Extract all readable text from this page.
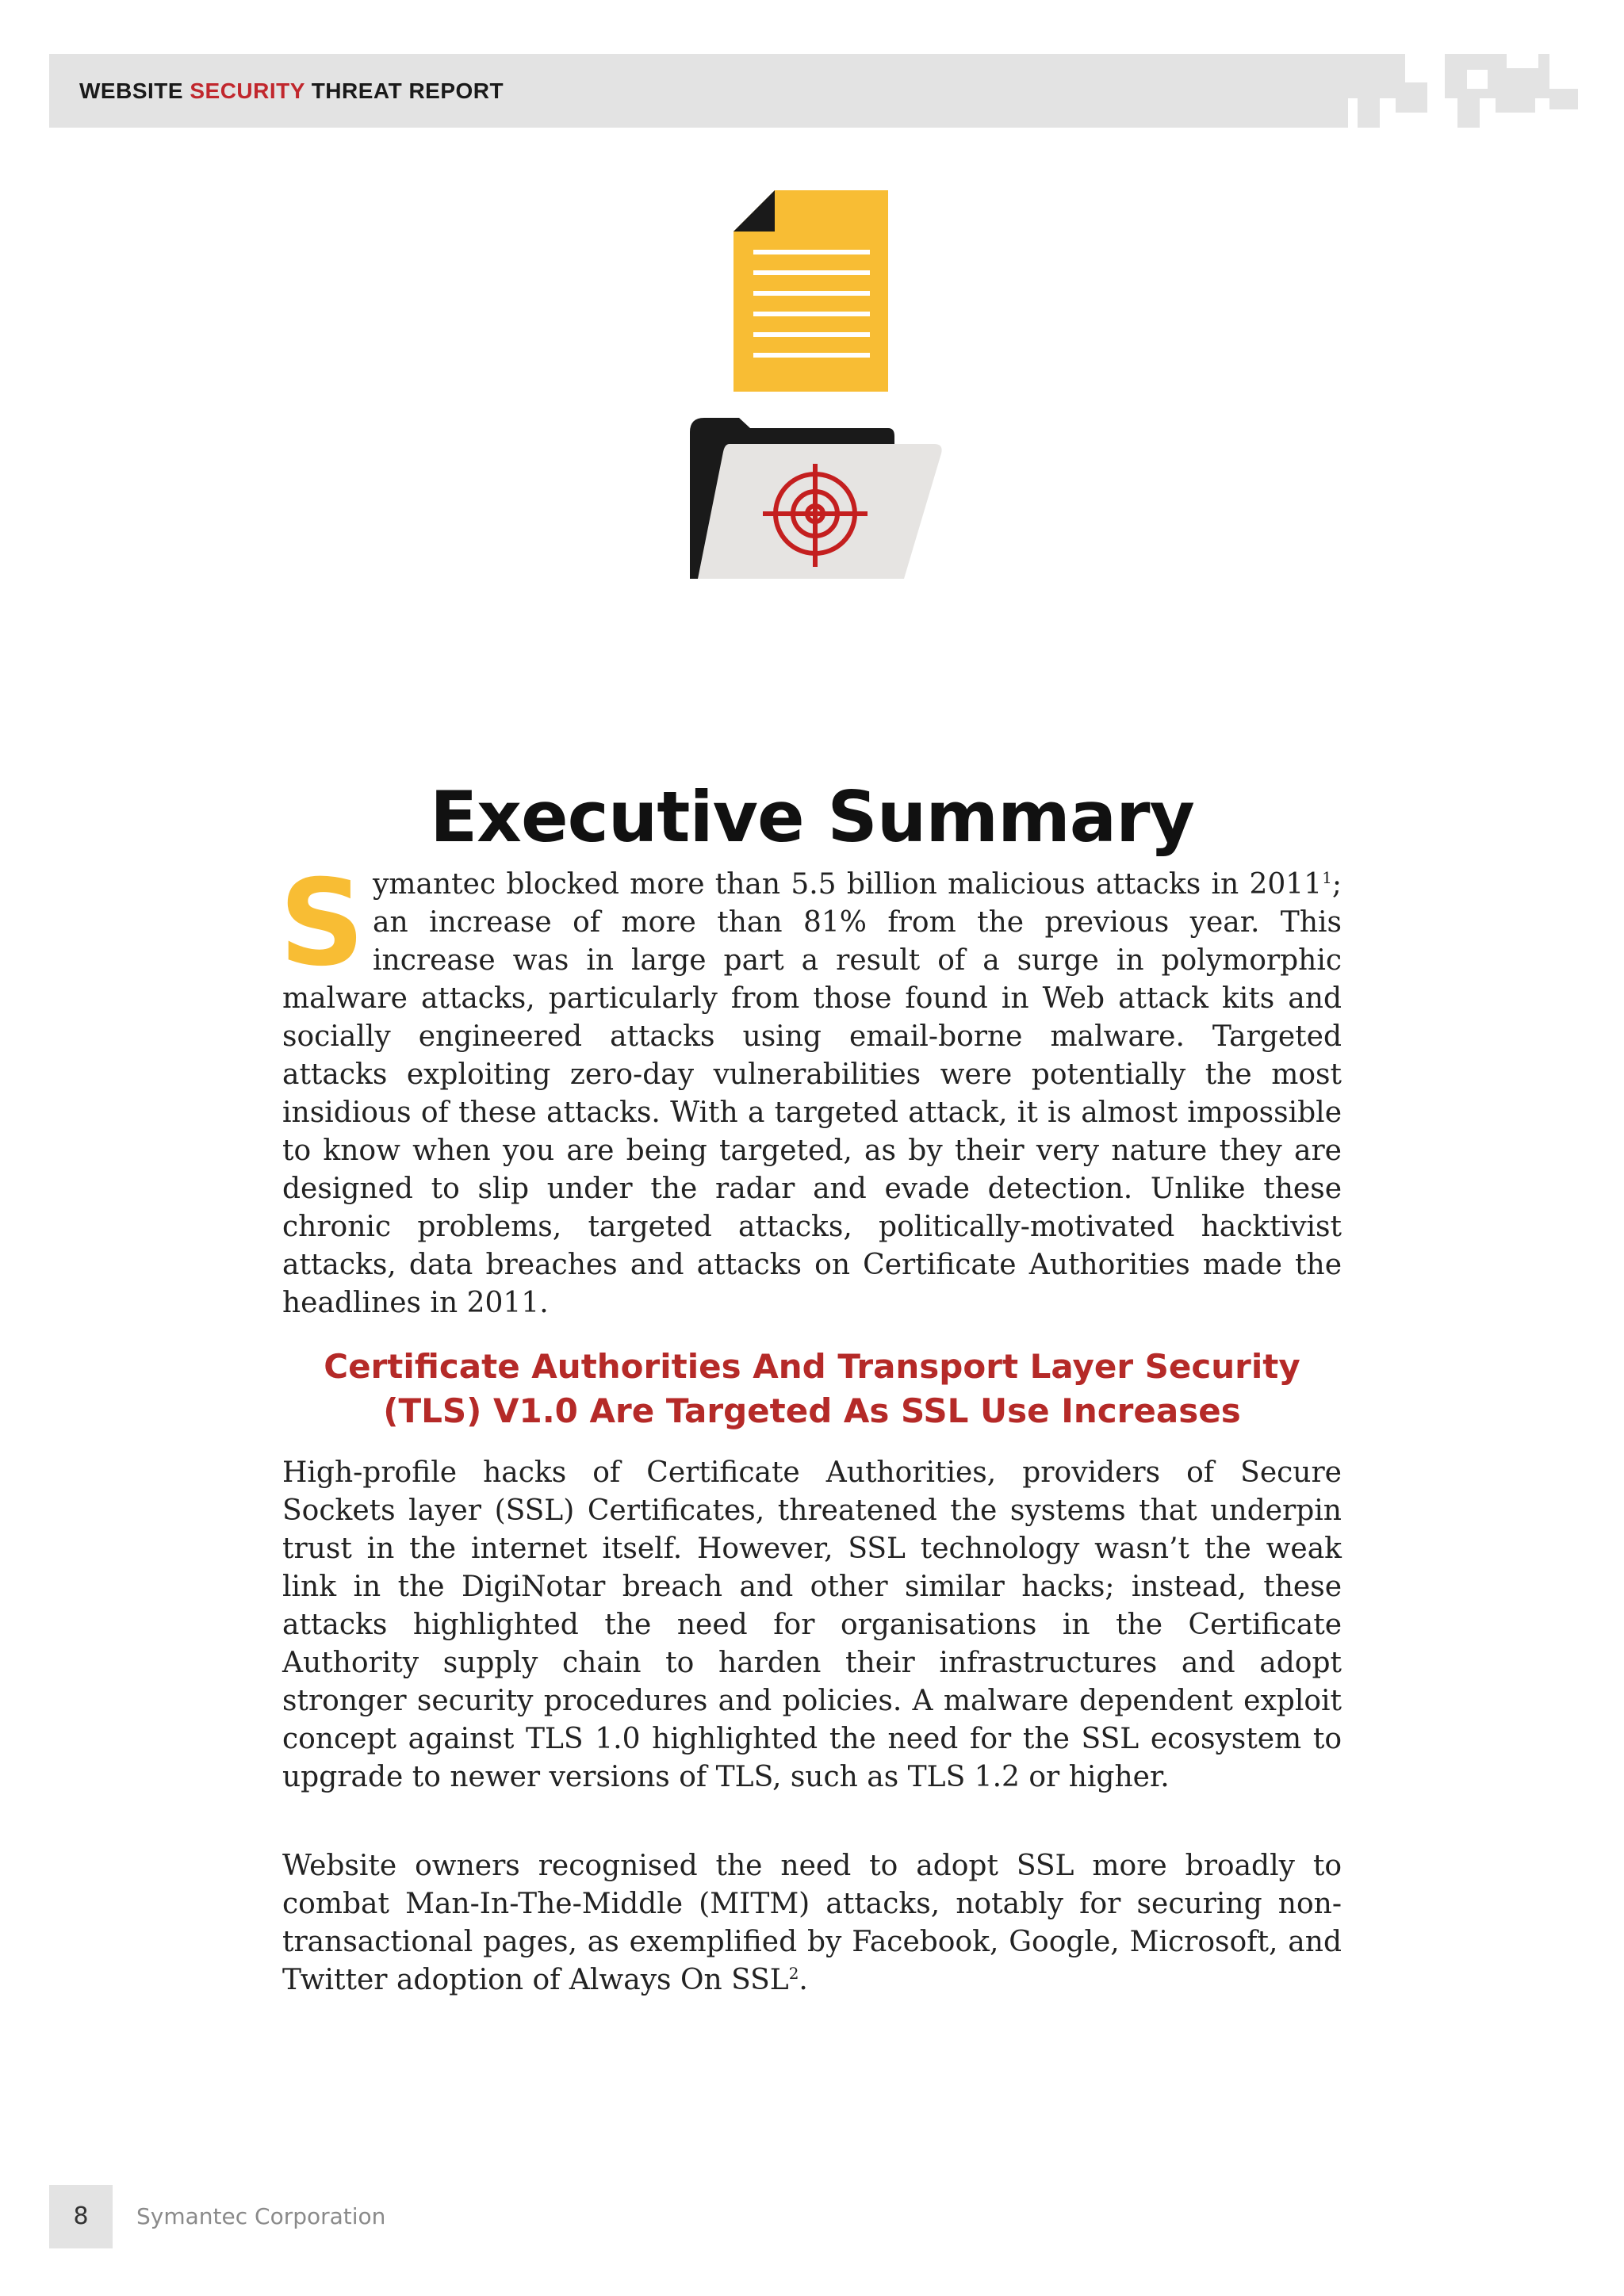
WEBSITE SECURITY THREAT REPORT
Executive Summary

Symantec blocked more than 5.5 billion malicious attacks in 2011$^1$; an increase of more than 81% from the previous year. This increase was in large part a result of a surge in polymorphic malware attacks, particularly from those found in Web attack kits and socially engineered attacks using email-borne malware. Targeted attacks exploiting zero-day vulnerabilities were potentially the most insidious of these attacks. With a targeted attack, it is almost impossible to know when you are being targeted, as by their very nature they are designed to slip under the radar and evade detection. Unlike these chronic problems, targeted attacks, politically-motivated hacktivist attacks, data breaches and attacks on Certificate Authorities made the headlines in 2011.

Certificate Authorities And Transport Layer Security
(TLS) V1.0 Are Targeted As SSL Use Increases

High-profile hacks of Certificate Authorities, providers of Secure Sockets layer (SSL) Certificates, threatened the systems that underpin trust in the internet itself. However, SSL technology wasn’t the weak link in the DigiNotar breach and other similar hacks; instead, these attacks highlighted the need for organisations in the Certificate Authority supply chain to harden their infrastructures and adopt stronger security procedures and policies. A malware dependent exploit concept against TLS 1.0 highlighted the need for the SSL ecosystem to upgrade to newer versions of TLS, such as TLS 1.2 or higher.

Website owners recognised the need to adopt SSL more broadly to combat Man-In-The-Middle (MITM) attacks, notably for securing non-transactional pages, as exemplified by Facebook, Google, Microsoft, and Twitter adoption of Always On SSL$^2$.

8	Symantec Corporation
